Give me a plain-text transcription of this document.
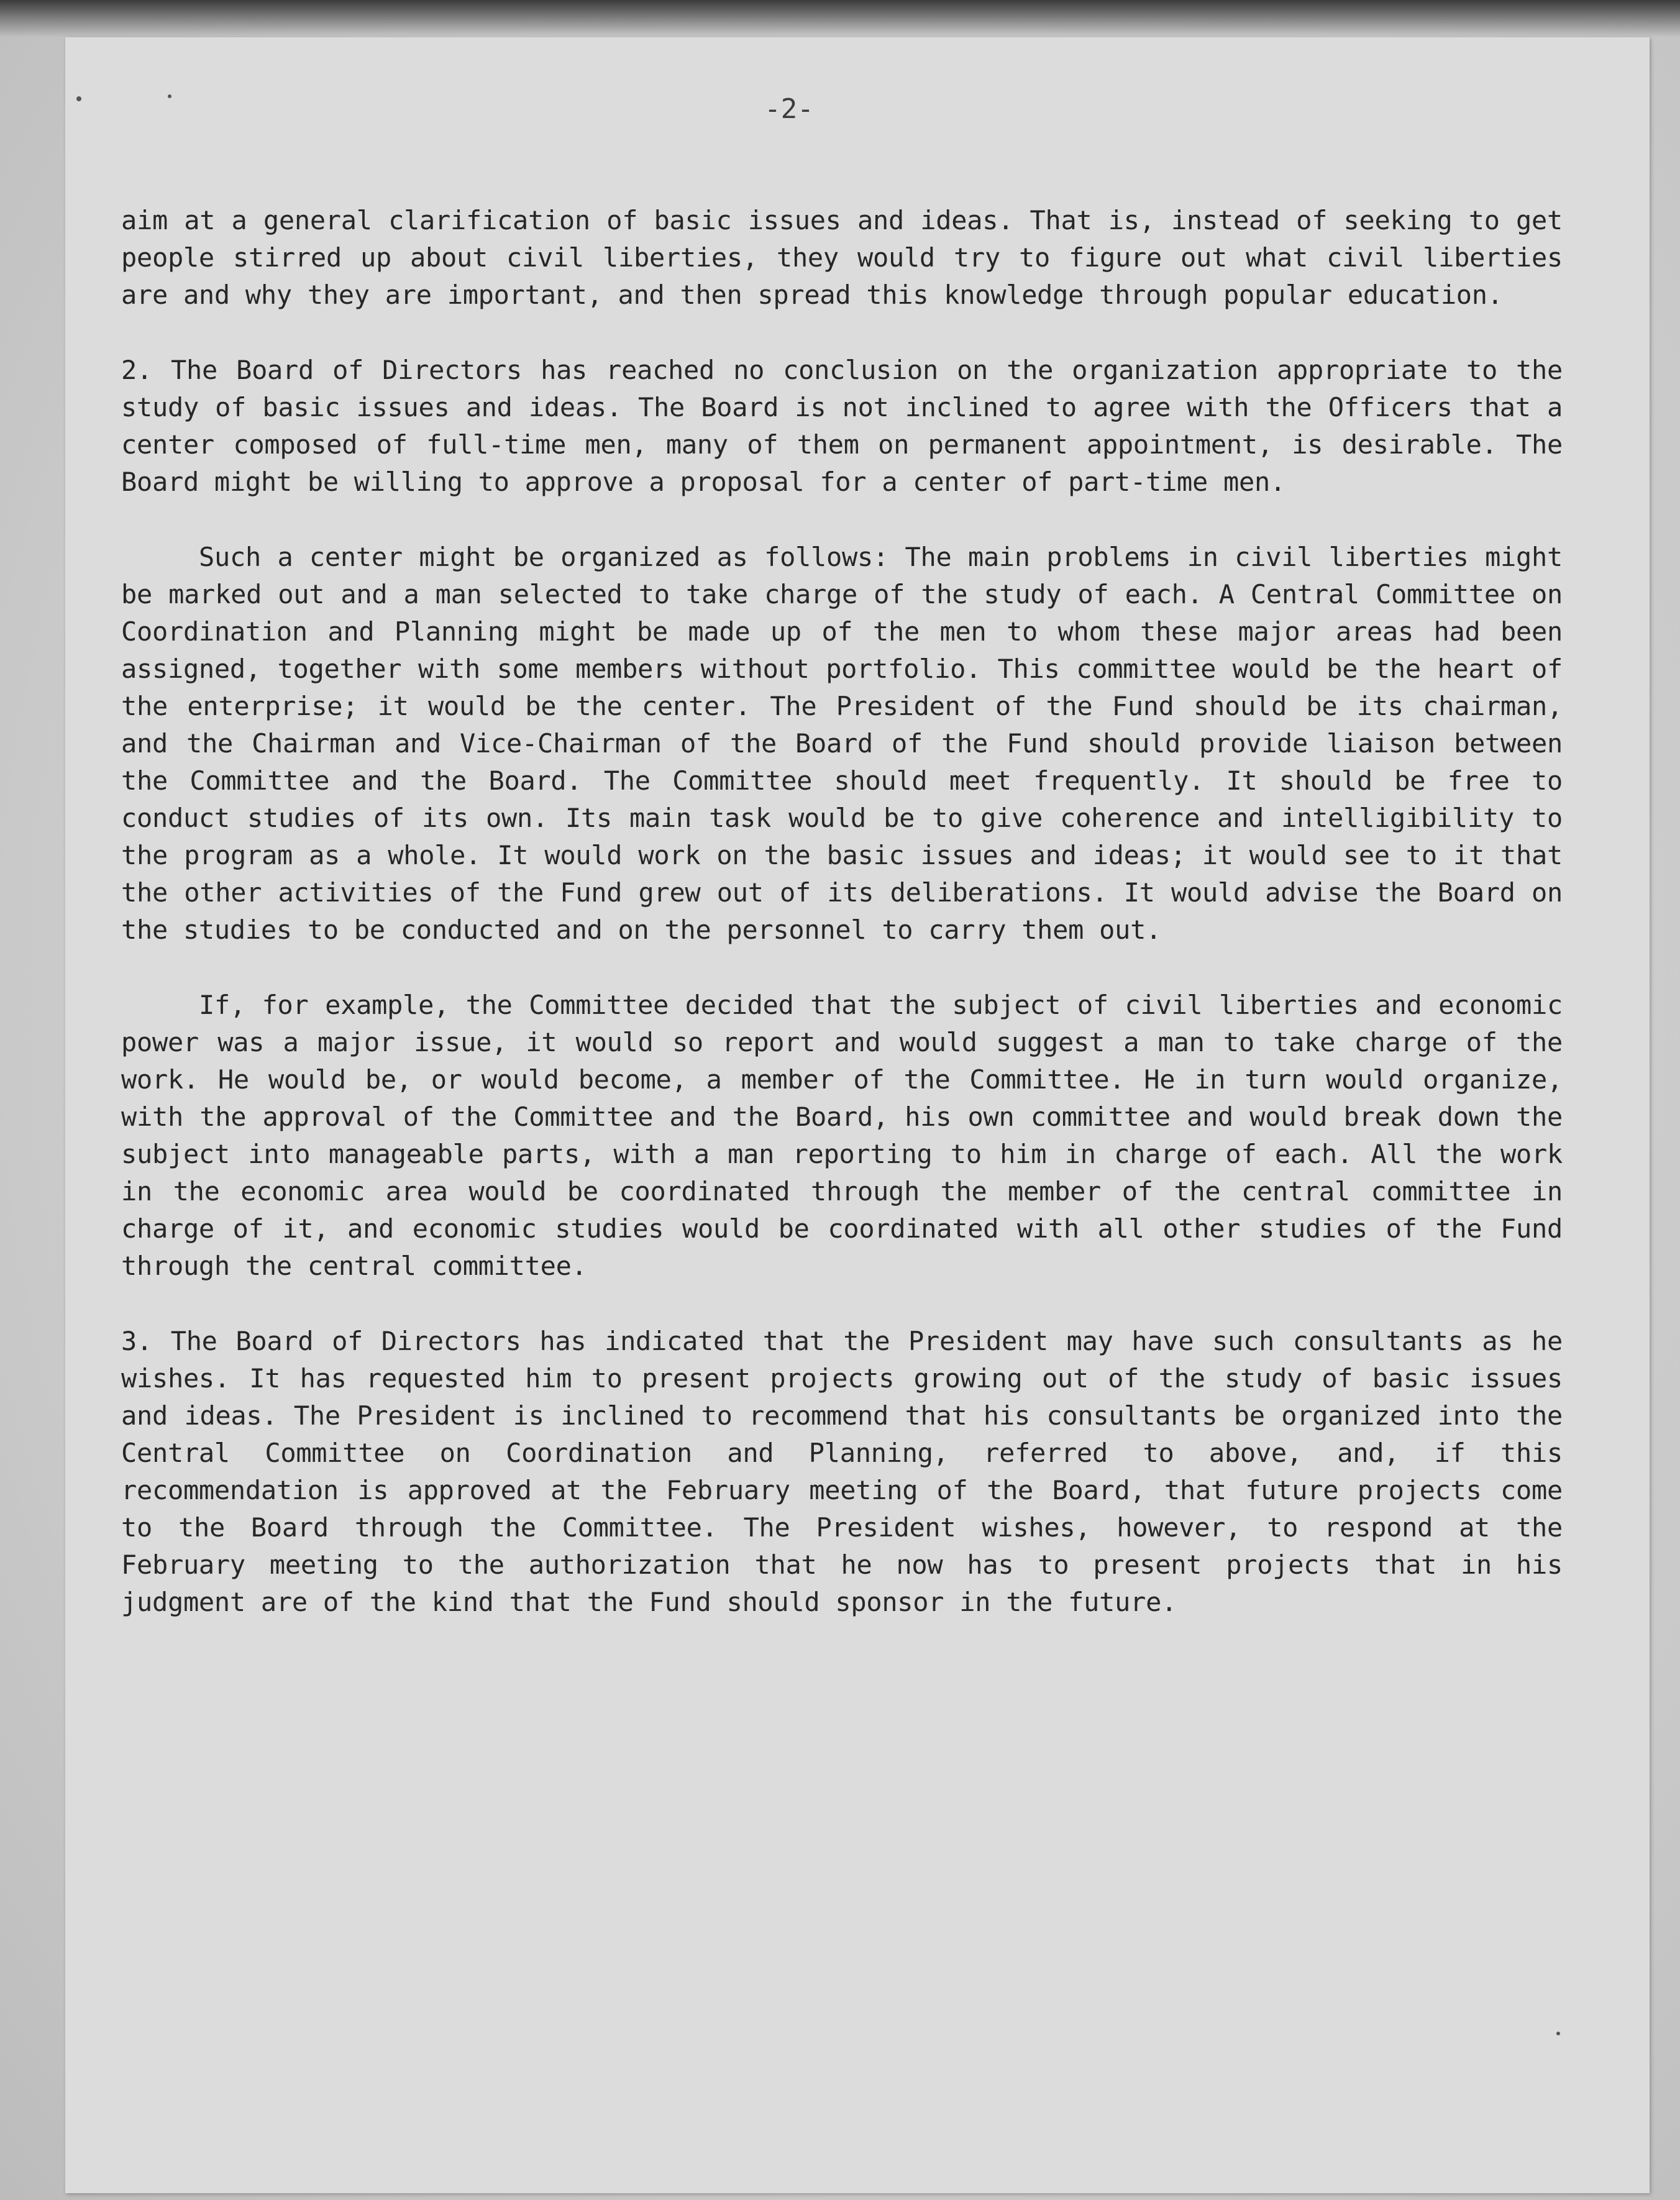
-2-

aim at a general clarification of basic issues and ideas. That is, instead of seeking to get people stirred up about civil liberties, they would try to figure out what civil liberties are and why they are important, and then spread this knowledge through popular education.

2. The Board of Directors has reached no conclusion on the organization appropriate to the study of basic issues and ideas. The Board is not inclined to agree with the Officers that a center composed of full-time men, many of them on permanent appointment, is desirable. The Board might be willing to approve a proposal for a center of part-time men.

Such a center might be organized as follows: The main problems in civil liberties might be marked out and a man selected to take charge of the study of each. A Central Committee on Coordination and Planning might be made up of the men to whom these major areas had been assigned, together with some members without portfolio. This committee would be the heart of the enterprise; it would be the center. The President of the Fund should be its chairman, and the Chairman and Vice-Chairman of the Board of the Fund should provide liaison between the Committee and the Board. The Committee should meet frequently. It should be free to conduct studies of its own. Its main task would be to give coherence and intelligibility to the program as a whole. It would work on the basic issues and ideas; it would see to it that the other activities of the Fund grew out of its deliberations. It would advise the Board on the studies to be conducted and on the personnel to carry them out.

If, for example, the Committee decided that the subject of civil liberties and economic power was a major issue, it would so report and would suggest a man to take charge of the work. He would be, or would become, a member of the Committee. He in turn would organize, with the approval of the Committee and the Board, his own committee and would break down the subject into manageable parts, with a man reporting to him in charge of each. All the work in the economic area would be coordinated through the member of the central committee in charge of it, and economic studies would be coordinated with all other studies of the Fund through the central committee.

3. The Board of Directors has indicated that the President may have such consultants as he wishes. It has requested him to present projects growing out of the study of basic issues and ideas. The President is inclined to recommend that his consultants be organized into the Central Committee on Coordination and Planning, referred to above, and, if this recommendation is approved at the February meeting of the Board, that future projects come to the Board through the Committee. The President wishes, however, to respond at the February meeting to the authorization that he now has to present projects that in his judgment are of the kind that the Fund should sponsor in the future.
